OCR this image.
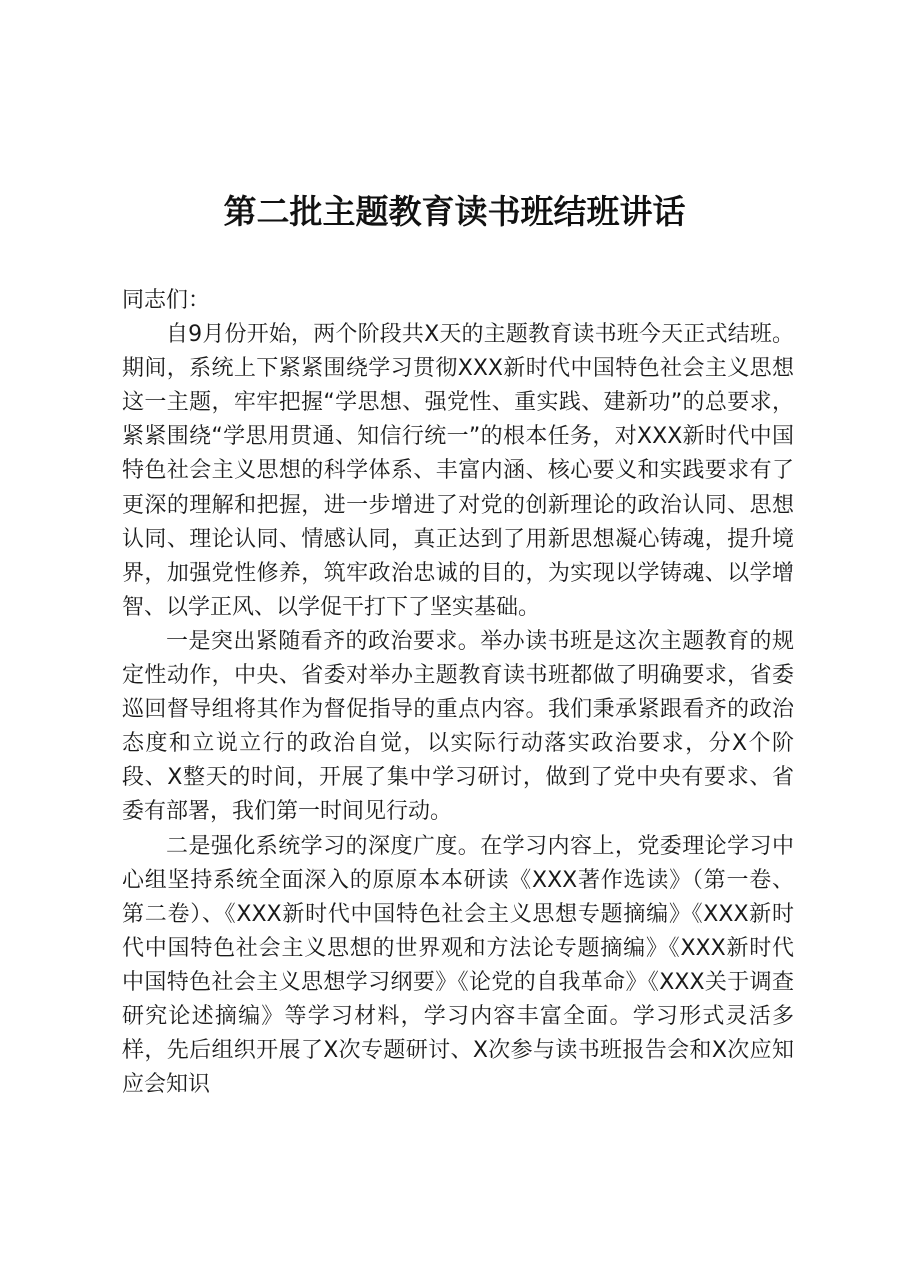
第二批主题教育读书班结班讲话

同志们：

自9月份开始，两个阶段共X天的主题教育读书班今天正式结班。期间，系统上下紧紧围绕学习贯彻XXX新时代中国特色社会主义思想这一主题，牢牢把握“学思想、强党性、重实践、建新功”的总要求，紧紧围绕“学思用贯通、知信行统一”的根本任务，对XXX新时代中国特色社会主义思想的科学体系、丰富内涵、核心要义和实践要求有了更深的理解和把握，进一步增进了对党的创新理论的政治认同、思想认同、理论认同、情感认同，真正达到了用新思想凝心铸魂，提升境界，加强党性修养，筑牢政治忠诚的目的，为实现以学铸魂、以学增智、以学正风、以学促干打下了坚实基础。

一是突出紧随看齐的政治要求。举办读书班是这次主题教育的规定性动作，中央、省委对举办主题教育读书班都做了明确要求，省委巡回督导组将其作为督促指导的重点内容。我们秉承紧跟看齐的政治态度和立说立行的政治自觉，以实际行动落实政治要求，分X个阶段、X整天的时间，开展了集中学习研讨，做到了党中央有要求、省委有部署，我们第一时间见行动。

二是强化系统学习的深度广度。在学习内容上，党委理论学习中心组坚持系统全面深入的原原本本研读《XXX著作选读》（第一卷、第二卷）、《XXX新时代中国特色社会主义思想专题摘编》《XXX新时代中国特色社会主义思想的世界观和方法论专题摘编》《XXX新时代中国特色社会主义思想学习纲要》《论党的自我革命》《XXX关于调查研究论述摘编》等学习材料，学习内容丰富全面。学习形式灵活多样，先后组织开展了X次专题研讨、X次参与读书班报告会和X次应知应会知识
